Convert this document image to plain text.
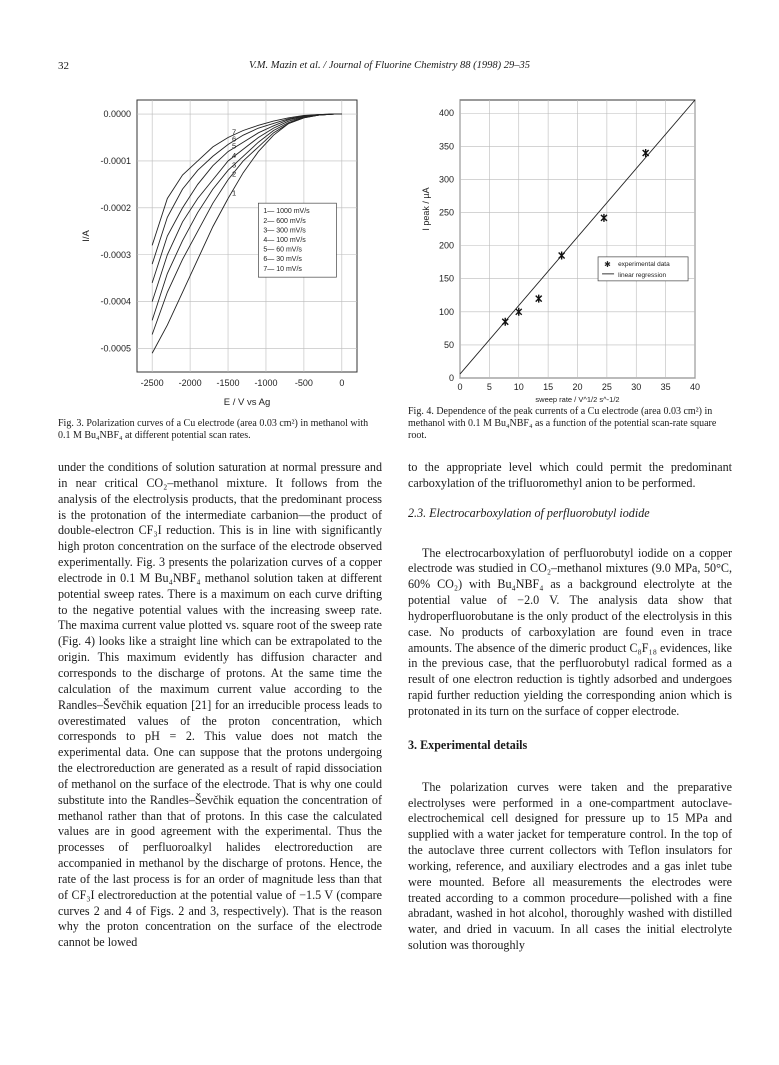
32	V.M. Mazin et al. / Journal of Fluorine Chemistry 88 (1998) 29–35
-2500 -2000 -1500 -1000 -500	0
0.0000
-0.0001
-0.0002
-0.0003
-0.0004
-0.0005
E / V vs Ag
I/A
1
2
3
4
5
6
7
1— 1000 mV/s
2— 600 mV/s
3— 300 mV/s
4— 100 mV/s
5— 60 mV/s
6— 30 mV/s
7— 10 mV/s
Fig. 3. Polarization curves of a Cu electrode (area 0.03 cm²) in methanol with 0.1 M Bu₄NBF₄ at different potential scan rates.
0	5 10 15 20 25 30 35 40
0
50
100
150
200
250
300
350
400
sweep rate / V^1/2 s^-1/2
I peak / µA
✱ experimental data
linear regression
Fig. 4. Dependence of the peak currents of a Cu electrode (area 0.03 cm²) in methanol with 0.1 M Bu₄NBF₄ as a function of the potential scan-rate square root.

under the conditions of solution saturation at normal pressure and in near critical CO₂–methanol mixture. It follows from the analysis of the electrolysis products, that the predominant process is the protonation of the intermediate carbanion—the product of double-electron CF₃I reduction. This is in line with significantly high proton concentration on the surface of the electrode observed experimentally. Fig. 3 presents the polarization curves of a copper electrode in 0.1 M Bu₄NBF₄ methanol solution taken at different potential sweep rates. There is a maximum on each curve drifting to the negative potential values with the increasing sweep rate. The maxima current value plotted vs. square root of the sweep rate (Fig. 4) looks like a straight line which can be extrapolated to the origin. This maximum evidently has diffusion character and corresponds to the discharge of protons. At the same time the calculation of the maximum current value according to the Randles–Ševčhik equation [21] for an irreducible process leads to overestimated values of the proton concentration, which corresponds to pH = 2. This value does not match the experimental data. One can suppose that the protons undergoing the electroreduction are generated as a result of rapid dissociation of methanol on the surface of the electrode. That is why one could substitute into the Randles–Ševčhik equation the concentration of methanol rather than that of protons. In this case the calculated values are in good agreement with the experimental. Thus the processes of perfluoroalkyl halides electroreduction are accompanied in methanol by the discharge of protons. Hence, the rate of the last process is for an order of magnitude less than that of CF₃I electroreduction at the potential value of −1.5 V (compare curves 2 and 4 of Figs. 2 and 3, respectively). That is the reason why the proton concentration on the surface of the electrode cannot be lowed

to the appropriate level which could permit the predominant carboxylation of the trifluoromethyl anion to be performed.

2.3. Electrocarboxylation of perfluorobutyl iodide

The electrocarboxylation of perfluorobutyl iodide on a copper electrode was studied in CO₂–methanol mixtures (9.0 MPa, 50°C, 60% CO₂) with Bu₄NBF₄ as a background electrolyte at the potential value of −2.0 V. The analysis data show that hydroperfluorobutane is the only product of the electrolysis in this case. No products of carboxylation are found even in trace amounts. The absence of the dimeric product C₈F₁₈ evidences, like in the previous case, that the perfluorobutyl radical formed as a result of one electron reduction is tightly adsorbed and undergoes rapid further reduction yielding the corresponding anion which is protonated in its turn on the surface of copper electrode.

3. Experimental details

The polarization curves were taken and the preparative electrolyses were performed in a one-compartment autoclave-electrochemical cell designed for pressure up to 15 MPa and supplied with a water jacket for temperature control. In the top of the autoclave three current collectors with Teflon insulators for working, reference, and auxiliary electrodes and a gas inlet tube were mounted. Before all measurements the electrodes were treated according to a common procedure—polished with a fine abradant, washed in hot alcohol, thoroughly washed with distilled water, and dried in vacuum. In all cases the initial electrolyte solution was thoroughly
